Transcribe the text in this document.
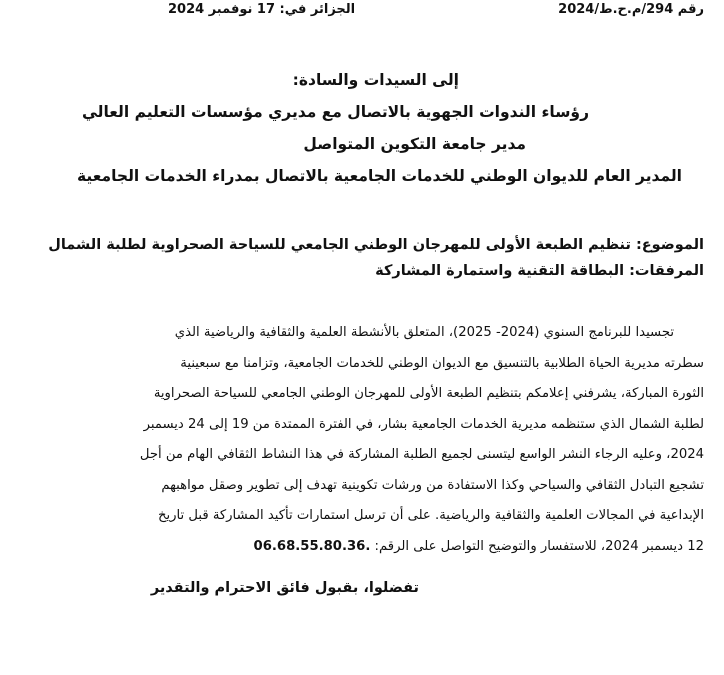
رقم 294/م.ح.ط/2024
الجزائر في: 17 نوفمبر 2024
إلى السيدات والسادة:
رؤساء الندوات الجهوية بالاتصال مع مديري مؤسسات التعليم العالي
مدير جامعة التكوين المتواصل
المدير العام للديوان الوطني للخدمات الجامعية بالاتصال بمدراء الخدمات الجامعية
الموضوع: تنظيم الطبعة الأولى للمهرجان الوطني الجامعي للسياحة الصحراوية لطلبة الشمال
المرفقات: البطاقة التقنية واستمارة المشاركة
تجسيدا للبرنامج السنوي (2024- 2025)، المتعلق بالأنشطة العلمية والثقافية والرياضية الذي
سطرته مديرية الحياة الطلابية بالتنسيق مع الديوان الوطني للخدمات الجامعية، وتزامنا مع سبعينية
الثورة المباركة، يشرفني إعلامكم بتنظيم الطبعة الأولى للمهرجان الوطني الجامعي للسياحة الصحراوية
لطلبة الشمال الذي ستنظمه مديرية الخدمات الجامعية بشار، في الفترة الممتدة من 19 إلى 24 ديسمبر
2024، وعليه الرجاء النشر الواسع ليتسنى لجميع الطلبة المشاركة في هذا النشاط الثقافي الهام من أجل
تشجيع التبادل الثقافي والسياحي وكذا الاستفادة من ورشات تكوينية تهدف إلى تطوير وصقل مواهبهم
الإبداعية في المجالات العلمية والثقافية والرياضية. على أن ترسل استمارات تأكيد المشاركة قبل تاريخ
12 ديسمبر 2024، للاستفسار والتوضيح التواصل على الرقم: 06.68.55.80.36.
تفضلوا، بقبول فائق الاحترام والتقدير
